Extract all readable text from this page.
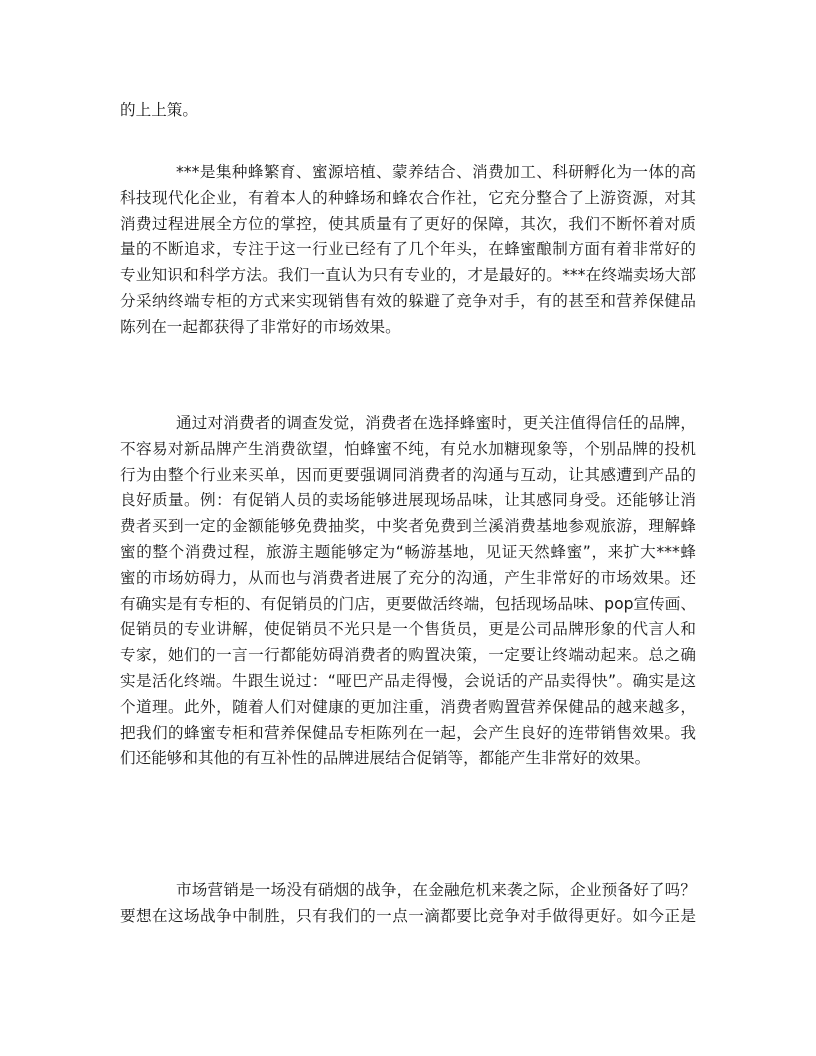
的上上策。
***是集种蜂繁育、蜜源培植、蒙养结合、消费加工、科研孵化为一体的高
科技现代化企业，有着本人的种蜂场和蜂农合作社，它充分整合了上游资源，对其
消费过程进展全方位的掌控，使其质量有了更好的保障，其次，我们不断怀着对质
量的不断追求，专注于这一行业已经有了几个年头，在蜂蜜酿制方面有着非常好的
专业知识和科学方法。我们一直认为只有专业的，才是最好的。***在终端卖场大部
分采纳终端专柜的方式来实现销售有效的躲避了竞争对手，有的甚至和营养保健品
陈列在一起都获得了非常好的市场效果。
通过对消费者的调查发觉，消费者在选择蜂蜜时，更关注值得信任的品牌，
不容易对新品牌产生消费欲望，怕蜂蜜不纯，有兑水加糖现象等，个别品牌的投机
行为由整个行业来买单，因而更要强调同消费者的沟通与互动，让其感遭到产品的
良好质量。例：有促销人员的卖场能够进展现场品味，让其感同身受。还能够让消
费者买到一定的金额能够免费抽奖，中奖者免费到兰溪消费基地参观旅游，理解蜂
蜜的整个消费过程，旅游主题能够定为“畅游基地，见证天然蜂蜜”，来扩大***蜂
蜜的市场妨碍力，从而也与消费者进展了充分的沟通，产生非常好的市场效果。还
有确实是有专柜的、有促销员的门店，更要做活终端，包括现场品味、pop宣传画、
促销员的专业讲解，使促销员不光只是一个售货员，更是公司品牌形象的代言人和
专家，她们的一言一行都能妨碍消费者的购置决策，一定要让终端动起来。总之确
实是活化终端。牛跟生说过：“哑巴产品走得慢，会说话的产品卖得快”。确实是这
个道理。此外，随着人们对健康的更加注重，消费者购置营养保健品的越来越多，
把我们的蜂蜜专柜和营养保健品专柜陈列在一起，会产生良好的连带销售效果。我
们还能够和其他的有互补性的品牌进展结合促销等，都能产生非常好的效果。
市场营销是一场没有硝烟的战争，在金融危机来袭之际，企业预备好了吗？
要想在这场战争中制胜，只有我们的一点一滴都要比竞争对手做得更好。如今正是
